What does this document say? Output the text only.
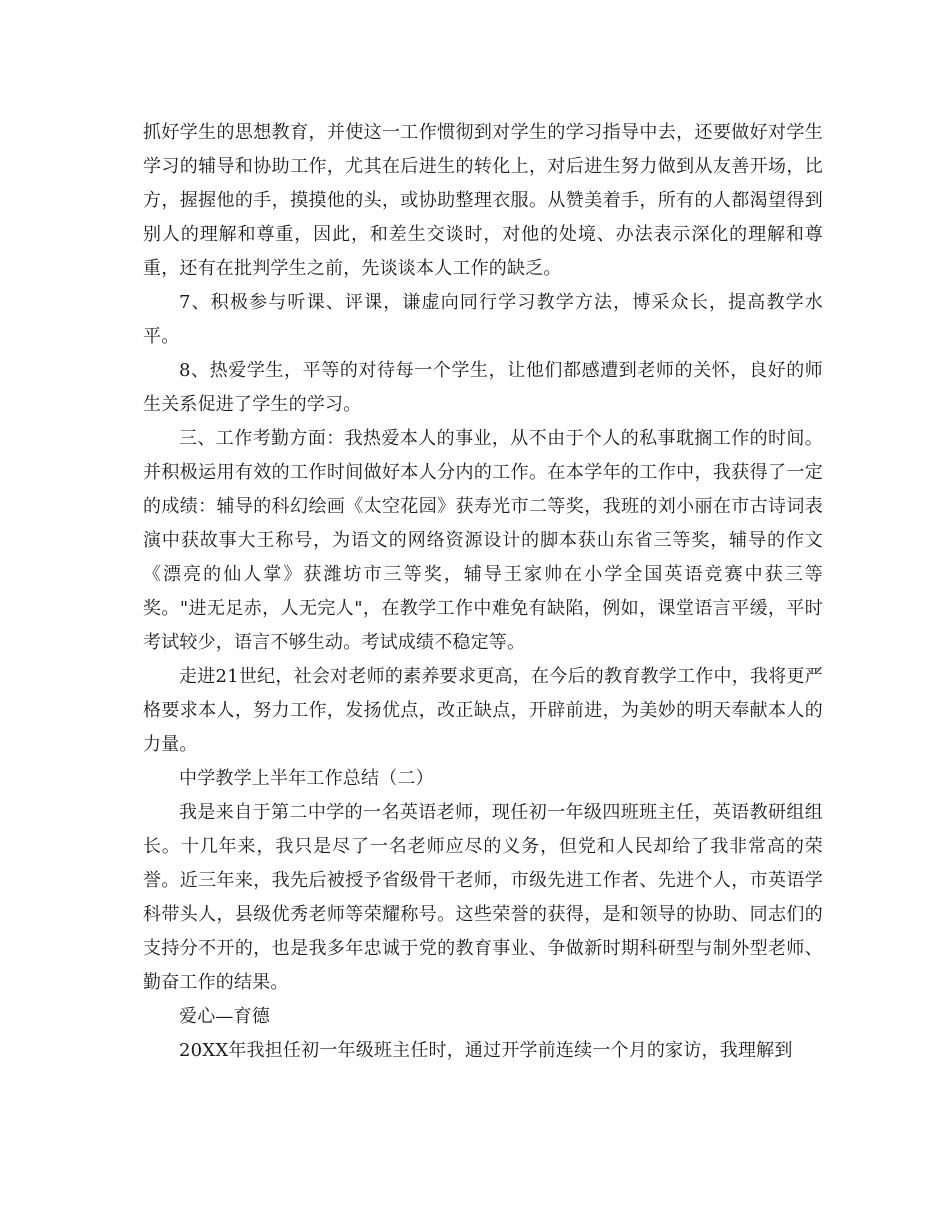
抓好学生的思想教育，并使这一工作惯彻到对学生的学习指导中去，还要做好对学生学习的辅导和协助工作，尤其在后进生的转化上，对后进生努力做到从友善开场，比方，握握他的手，摸摸他的头，或协助整理衣服。从赞美着手，所有的人都渴望得到别人的理解和尊重，因此，和差生交谈时，对他的处境、办法表示深化的理解和尊重，还有在批判学生之前，先谈谈本人工作的缺乏。

7、积极参与听课、评课，谦虚向同行学习教学方法，博采众长，提高教学水平。

8、热爱学生，平等的对待每一个学生，让他们都感遭到老师的关怀，良好的师生关系促进了学生的学习。

三、工作考勤方面：我热爱本人的事业，从不由于个人的私事耽搁工作的时间。并积极运用有效的工作时间做好本人分内的工作。在本学年的工作中，我获得了一定的成绩：辅导的科幻绘画《太空花园》获寿光市二等奖，我班的刘小丽在市古诗词表演中获故事大王称号，为语文的网络资源设计的脚本获山东省三等奖，辅导的作文《漂亮的仙人掌》获潍坊市三等奖，辅导王家帅在小学全国英语竞赛中获三等奖。"进无足赤，人无完人"，在教学工作中难免有缺陷，例如，课堂语言平缓，平时考试较少，语言不够生动。考试成绩不稳定等。

走进21世纪，社会对老师的素养要求更高，在今后的教育教学工作中，我将更严格要求本人，努力工作，发扬优点，改正缺点，开辟前进，为美妙的明天奉献本人的力量。

中学教学上半年工作总结（二）

我是来自于第二中学的一名英语老师，现任初一年级四班班主任，英语教研组组长。十几年来，我只是尽了一名老师应尽的义务，但党和人民却给了我非常高的荣誉。近三年来，我先后被授予省级骨干老师，市级先进工作者、先进个人，市英语学科带头人，县级优秀老师等荣耀称号。这些荣誉的获得，是和领导的协助、同志们的支持分不开的，也是我多年忠诚于党的教育事业、争做新时期科研型与制外型老师、勤奋工作的结果。

爱心—育德

20XX年我担任初一年级班主任时，通过开学前连续一个月的家访，我理解到
